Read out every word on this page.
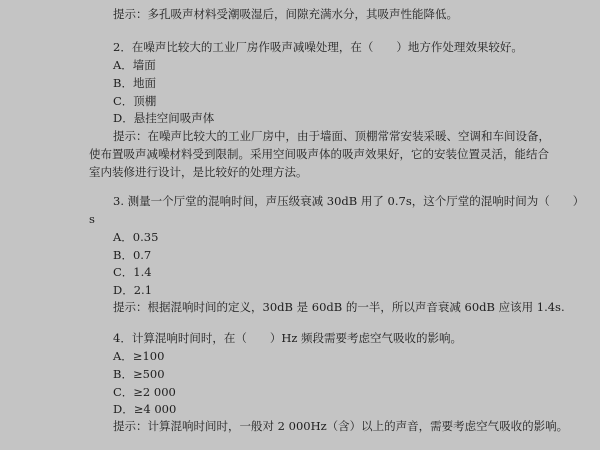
提示：多孔吸声材料受潮吸湿后，间隙充满水分，其吸声性能降低。
2．在噪声比较大的工业厂房作吸声减噪处理，在（　　）地方作处理效果较好。
A．墙面
B．地面
C．顶棚
D．悬挂空间吸声体
提示：在噪声比较大的工业厂房中，由于墙面、顶棚常常安装采暖、空调和车间设备，
使布置吸声减噪材料受到限制。采用空间吸声体的吸声效果好，它的安装位置灵活，能结合
室内装修进行设计，是比较好的处理方法。
3. 测量一个厅堂的混响时间，声压级衰减 30dB 用了 0.7s，这个厅堂的混响时间为（　　）
s
A．0.35
B．0.7
C．1.4
D．2.1
提示：根据混响时间的定义，30dB 是 60dB 的一半，所以声音衰减 60dB 应该用 1.4s.
4．计算混响时间时，在（　　）Hz 频段需要考虑空气吸收的影响。
A．≥100
B．≥500
C．≥2 000
D．≥4 000
提示：计算混响时间时，一般对 2 000Hz（含）以上的声音，需要考虑空气吸收的影响。
